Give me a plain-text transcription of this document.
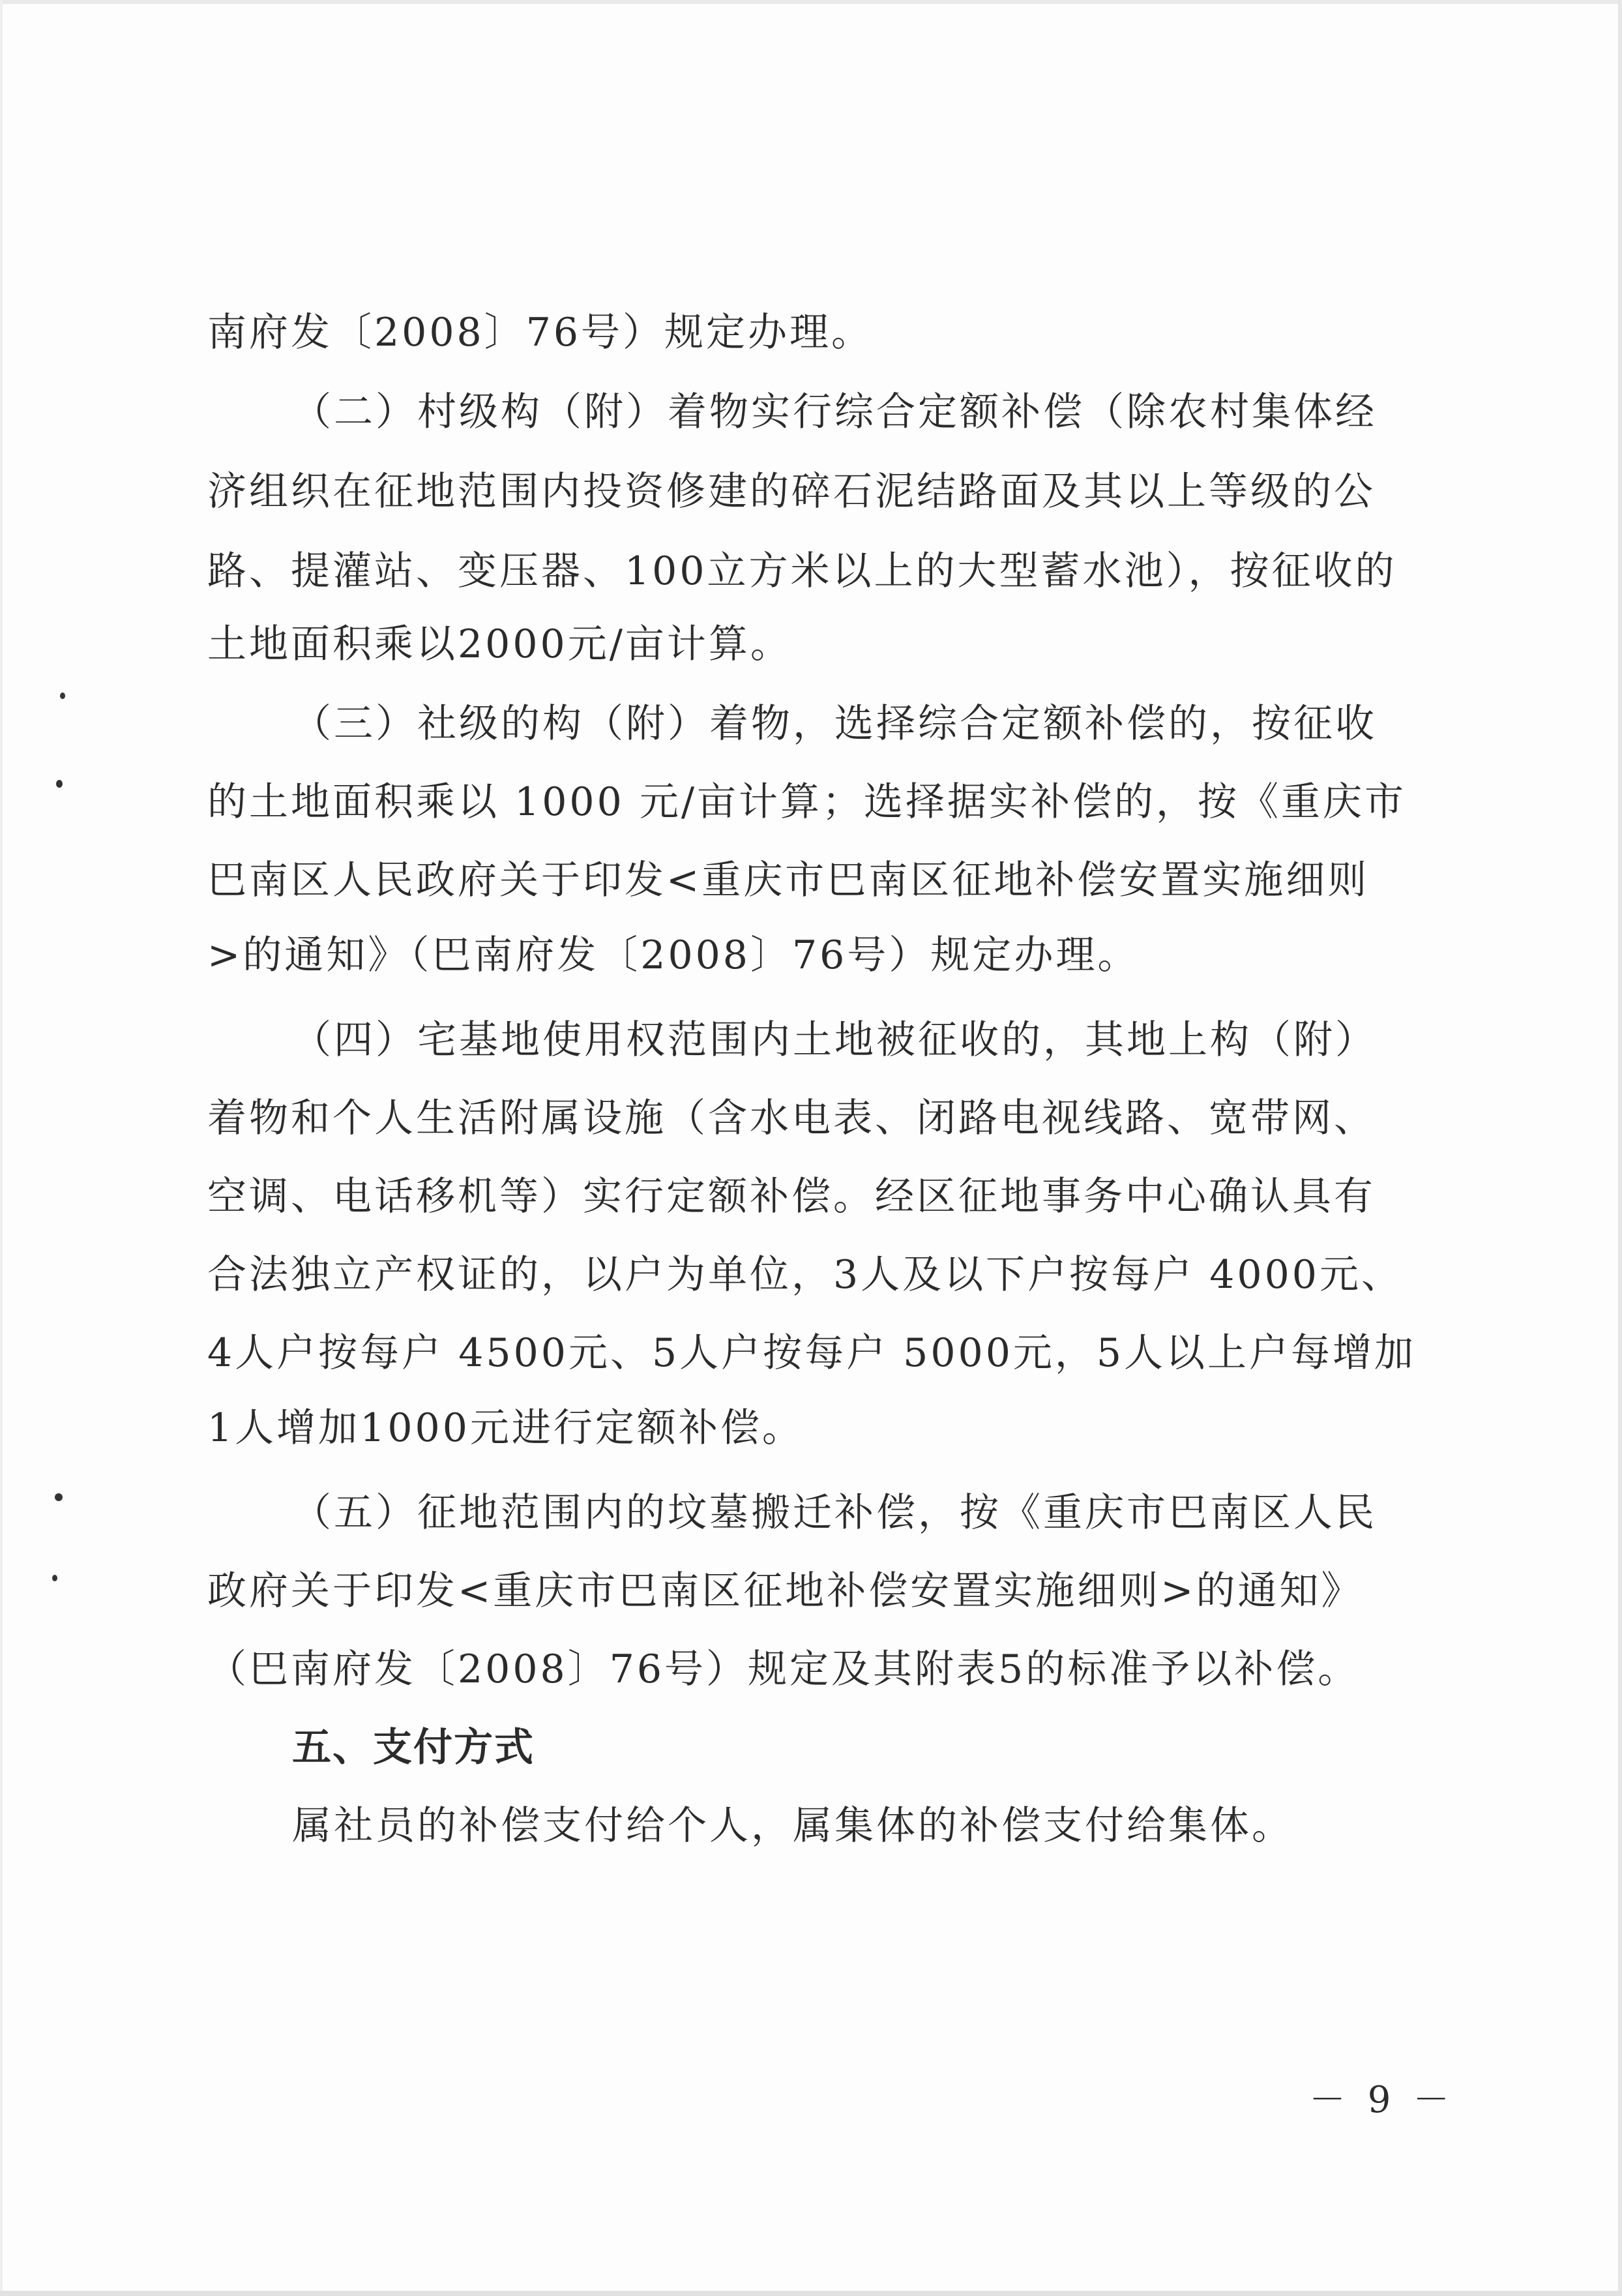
南府发〔2008〕76号）规定办理。
（二）村级构（附）着物实行综合定额补偿（除农村集体经
济组织在征地范围内投资修建的碎石泥结路面及其以上等级的公
路、提灌站、变压器、100立方米以上的大型蓄水池），按征收的
土地面积乘以2000元/亩计算。
（三）社级的构（附）着物，选择综合定额补偿的，按征收
的土地面积乘以 1000 元/亩计算；选择据实补偿的，按《重庆市
巴南区人民政府关于印发<重庆市巴南区征地补偿安置实施细则
>的通知》（巴南府发〔2008〕76号）规定办理。
（四）宅基地使用权范围内土地被征收的，其地上构（附）
着物和个人生活附属设施（含水电表、闭路电视线路、宽带网、
空调、电话移机等）实行定额补偿。经区征地事务中心确认具有
合法独立产权证的，以户为单位，3人及以下户按每户 4000元、
4人户按每户 4500元、5人户按每户 5000元，5人以上户每增加
1人增加1000元进行定额补偿。
（五）征地范围内的坟墓搬迁补偿，按《重庆市巴南区人民
政府关于印发<重庆市巴南区征地补偿安置实施细则>的通知》
（巴南府发〔2008〕76号）规定及其附表5的标准予以补偿。
五、支付方式
属社员的补偿支付给个人，属集体的补偿支付给集体。
－ 9 －
